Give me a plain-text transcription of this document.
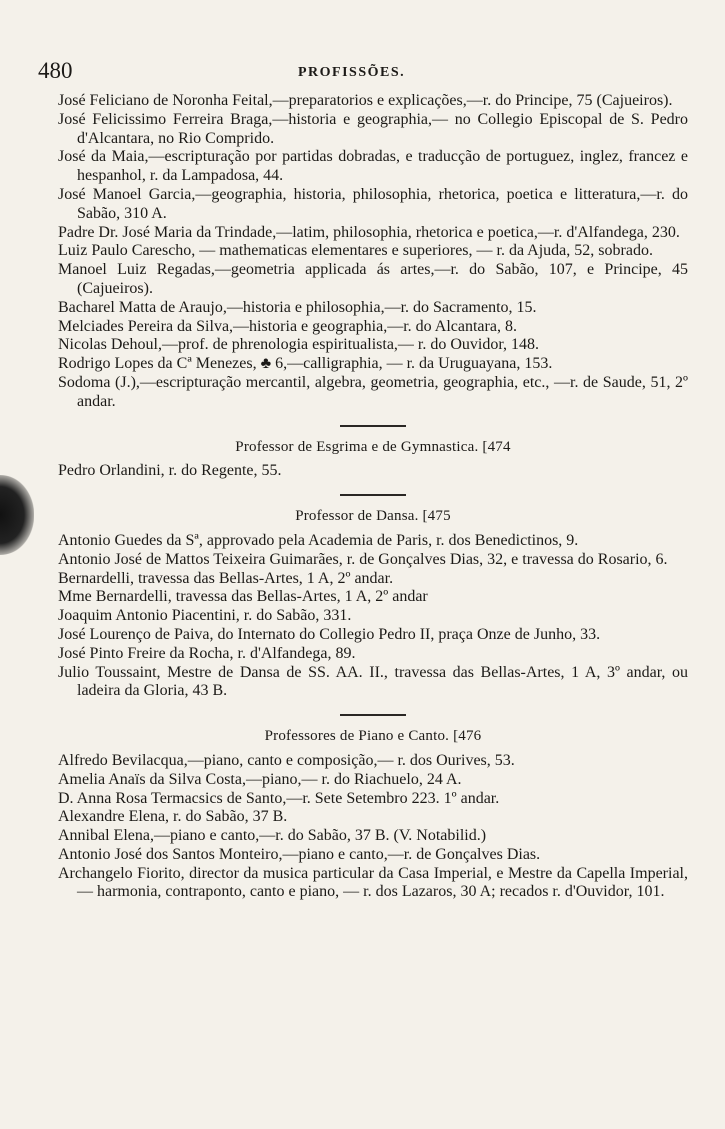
480	PROFISSÕES.

José Feliciano de Noronha Feital,—preparatorios e explicações,—r. do Principe, 75 (Cajueiros).

José Felicissimo Ferreira Braga,—historia e geographia,— no Collegio Episcopal de S. Pedro d'Alcantara, no Rio Comprido.

José da Maia,—escripturação por partidas dobradas, e traducção de portuguez, inglez, francez e hespanhol, r. da Lampadosa, 44.

José Manoel Garcia,—geographia, historia, philosophia, rhetorica, poetica e litteratura,—r. do Sabão, 310 A.

Padre Dr. José Maria da Trindade,—latim, philosophia, rhetorica e poetica,—r. d'Alfandega, 230.

Luiz Paulo Carescho, — mathematicas elementares e superiores, — r. da Ajuda, 52, sobrado.

Manoel Luiz Regadas,—geometria applicada ás artes,—r. do Sabão, 107, e Principe, 45 (Cajueiros).

Bacharel Matta de Araujo,—historia e philosophia,—r. do Sacramento, 15.

Melciades Pereira da Silva,—historia e geographia,—r. do Alcantara, 8.

Nicolas Dehoul,—prof. de phrenologia espiritualista,— r. do Ouvidor, 148.

Rodrigo Lopes da Cª Menezes, ♣ 6,—calligraphia, — r. da Uruguayana, 153.

Sodoma (J.),—escripturação mercantil, algebra, geometria, geographia, etc., —r. de Saude, 51, 2º andar.

Professor de Esgrima e de Gymnastica. [474

Pedro Orlandini, r. do Regente, 55.

Professor de Dansa. [475

Antonio Guedes da Sª, approvado pela Academia de Paris, r. dos Benedictinos, 9.

Antonio José de Mattos Teixeira Guimarães, r. de Gonçalves Dias, 32, e travessa do Rosario, 6.

Bernardelli, travessa das Bellas-Artes, 1 A, 2º andar.

Mme Bernardelli, travessa das Bellas-Artes, 1 A, 2º andar

Joaquim Antonio Piacentini, r. do Sabão, 331.

José Lourenço de Paiva, do Internato do Collegio Pedro II, praça Onze de Junho, 33.

José Pinto Freire da Rocha, r. d'Alfandega, 89.

Julio Toussaint, Mestre de Dansa de SS. AA. II., travessa das Bellas-Artes, 1 A, 3º andar, ou ladeira da Gloria, 43 B.

Professores de Piano e Canto. [476

Alfredo Bevilacqua,—piano, canto e composição,— r. dos Ourives, 53.

Amelia Anaïs da Silva Costa,—piano,— r. do Riachuelo, 24 A.

D. Anna Rosa Termacsics de Santo,—r. Sete Setembro 223. 1º andar.

Alexandre Elena, r. do Sabão, 37 B.

Annibal Elena,—piano e canto,—r. do Sabão, 37 B. (V. Notabilid.)

Antonio José dos Santos Monteiro,—piano e canto,—r. de Gonçalves Dias.

Archangelo Fiorito, director da musica particular da Casa Imperial, e Mestre da Capella Imperial, — harmonia, contraponto, canto e piano, — r. dos Lazaros, 30 A; recados r. d'Ouvidor, 101.
